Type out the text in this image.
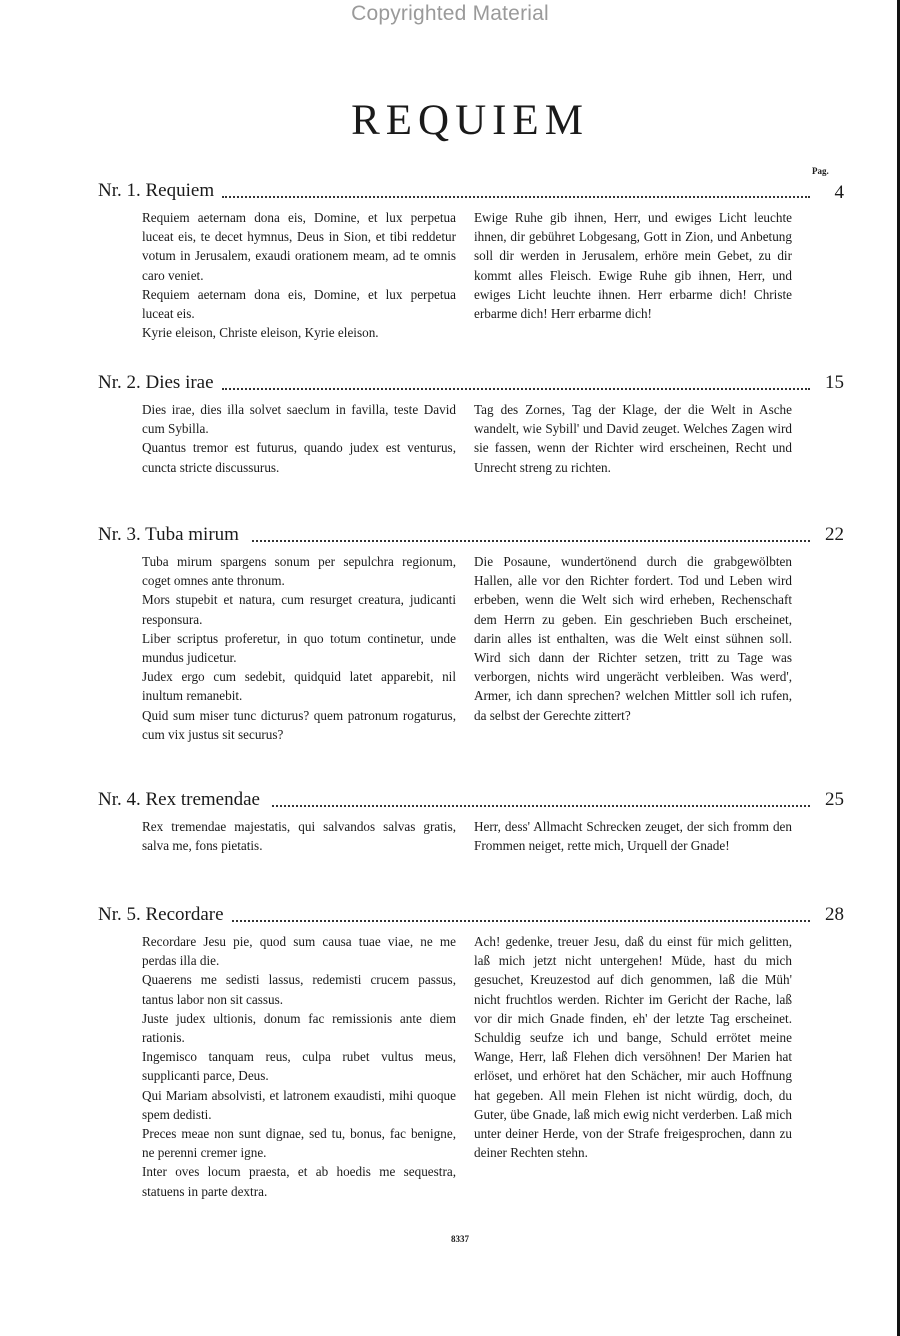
Copyrighted Material
REQUIEM
Pag.
Nr. 1. Requiem	4

Requiem aeternam dona eis, Domine, et lux perpetua luceat eis, te decet hymnus, Deus in Sion, et tibi reddetur votum in Jerusalem, exaudi orationem meam, ad te omnis caro veniet.

Requiem aeternam dona eis, Domine, et lux perpetua luceat eis.

Kyrie eleison, Christe eleison, Kyrie eleison.

Ewige Ruhe gib ihnen, Herr, und ewiges Licht leuchte ihnen, dir gebühret Lobgesang, Gott in Zion, und Anbetung soll dir werden in Jerusalem, erhöre mein Gebet, zu dir kommt alles Fleisch. Ewige Ruhe gib ihnen, Herr, und ewiges Licht leuchte ihnen. Herr erbarme dich! Christe erbarme dich! Herr erbarme dich!

Nr. 2. Dies irae	15

Dies irae, dies illa solvet saeclum in favilla, teste David cum Sybilla.

Quantus tremor est futurus, quando judex est venturus, cuncta stricte discussurus.

Tag des Zornes, Tag der Klage, der die Welt in Asche wandelt, wie Sybill' und David zeuget. Welches Zagen wird sie fassen, wenn der Richter wird erscheinen, Recht und Unrecht streng zu richten.

Nr. 3. Tuba mirum	22

Tuba mirum spargens sonum per sepulchra regionum, coget omnes ante thronum.

Mors stupebit et natura, cum resurget creatura, judicanti responsura.

Liber scriptus proferetur, in quo totum continetur, unde mundus judicetur.

Judex ergo cum sedebit, quidquid latet apparebit, nil inultum remanebit.

Quid sum miser tunc dicturus? quem patronum rogaturus, cum vix justus sit securus?

Die Posaune, wundertönend durch die grabgewölbten Hallen, alle vor den Richter fordert. Tod und Leben wird erbeben, wenn die Welt sich wird erheben, Rechenschaft dem Herrn zu geben. Ein geschrieben Buch erscheinet, darin alles ist enthalten, was die Welt einst sühnen soll. Wird sich dann der Richter setzen, tritt zu Tage was verborgen, nichts wird ungerächt verbleiben. Was werd', Armer, ich dann sprechen? welchen Mittler soll ich rufen, da selbst der Gerechte zittert?

Nr. 4. Rex tremendae	25

Rex tremendae majestatis, qui salvandos salvas gratis, salva me, fons pietatis.

Herr, dess' Allmacht Schrecken zeuget, der sich fromm den Frommen neiget, rette mich, Urquell der Gnade!

Nr. 5. Recordare	28

Recordare Jesu pie, quod sum causa tuae viae, ne me perdas illa die.

Quaerens me sedisti lassus, redemisti crucem passus, tantus labor non sit cassus.

Juste judex ultionis, donum fac remissionis ante diem rationis.

Ingemisco tanquam reus, culpa rubet vultus meus, supplicanti parce, Deus.

Qui Mariam absolvisti, et latronem exaudisti, mihi quoque spem dedisti.

Preces meae non sunt dignae, sed tu, bonus, fac benigne, ne perenni cremer igne.

Inter oves locum praesta, et ab hoedis me sequestra, statuens in parte dextra.

Ach! gedenke, treuer Jesu, daß du einst für mich gelitten, laß mich jetzt nicht untergehen! Müde, hast du mich gesuchet, Kreuzestod auf dich genommen, laß die Müh' nicht fruchtlos werden. Richter im Gericht der Rache, laß vor dir mich Gnade finden, eh' der letzte Tag erscheinet. Schuldig seufze ich und bange, Schuld errötet meine Wange, Herr, laß Flehen dich versöhnen! Der Marien hat erlöset, und erhöret hat den Schächer, mir auch Hoffnung hat gegeben. All mein Flehen ist nicht würdig, doch, du Guter, übe Gnade, laß mich ewig nicht verderben. Laß mich unter deiner Herde, von der Strafe freigesprochen, dann zu deiner Rechten stehn.

8337
